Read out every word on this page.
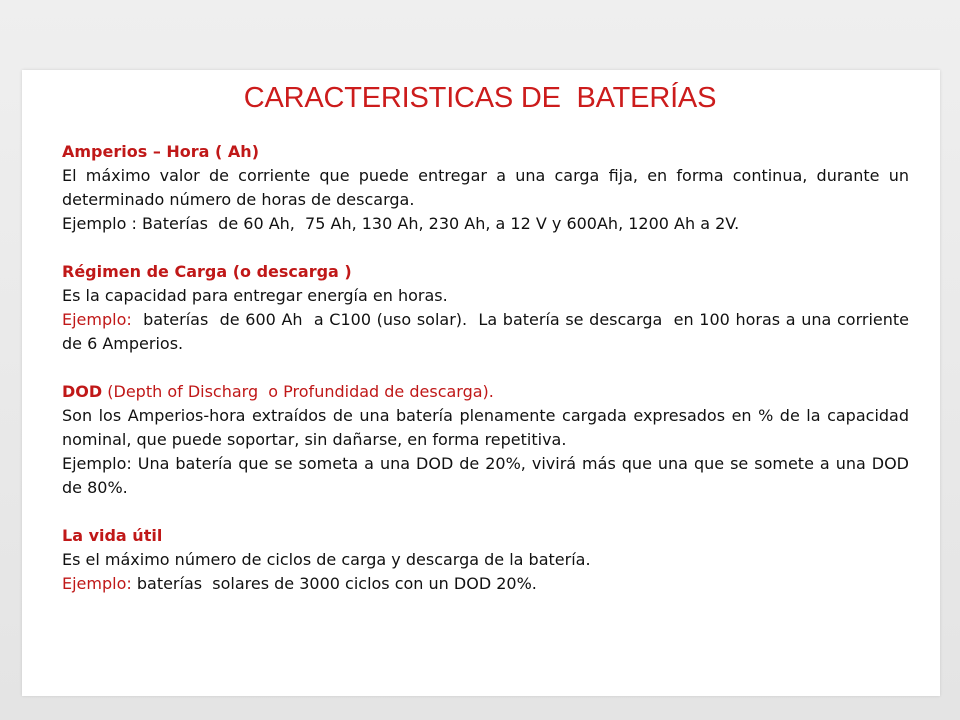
CARACTERISTICAS DE  BATERÍAS

Amperios – Hora ( Ah)

El máximo valor de corriente que puede entregar a una carga fija, en forma continua, durante un determinado número de horas de descarga.

Ejemplo : Baterías  de 60 Ah,  75 Ah, 130 Ah, 230 Ah, a 12 V y 600Ah, 1200 Ah a 2V.

Régimen de Carga (o descarga )

Es la capacidad para entregar energía en horas.

Ejemplo:  baterías  de 600 Ah  a C100 (uso solar).  La batería se descarga  en 100 horas a una corriente  de 6 Amperios.

DOD (Depth of Discharg  o Profundidad de descarga).

Son los Amperios-hora extraídos de una batería plenamente cargada expresados en % de la capacidad nominal, que puede soportar, sin dañarse, en forma repetitiva.

Ejemplo: Una batería que se someta a una DOD de 20%, vivirá más que una que se somete a una DOD de 80%.

La vida útil

Es el máximo número de ciclos de carga y descarga de la batería.

Ejemplo: baterías  solares de 3000 ciclos con un DOD 20%.
